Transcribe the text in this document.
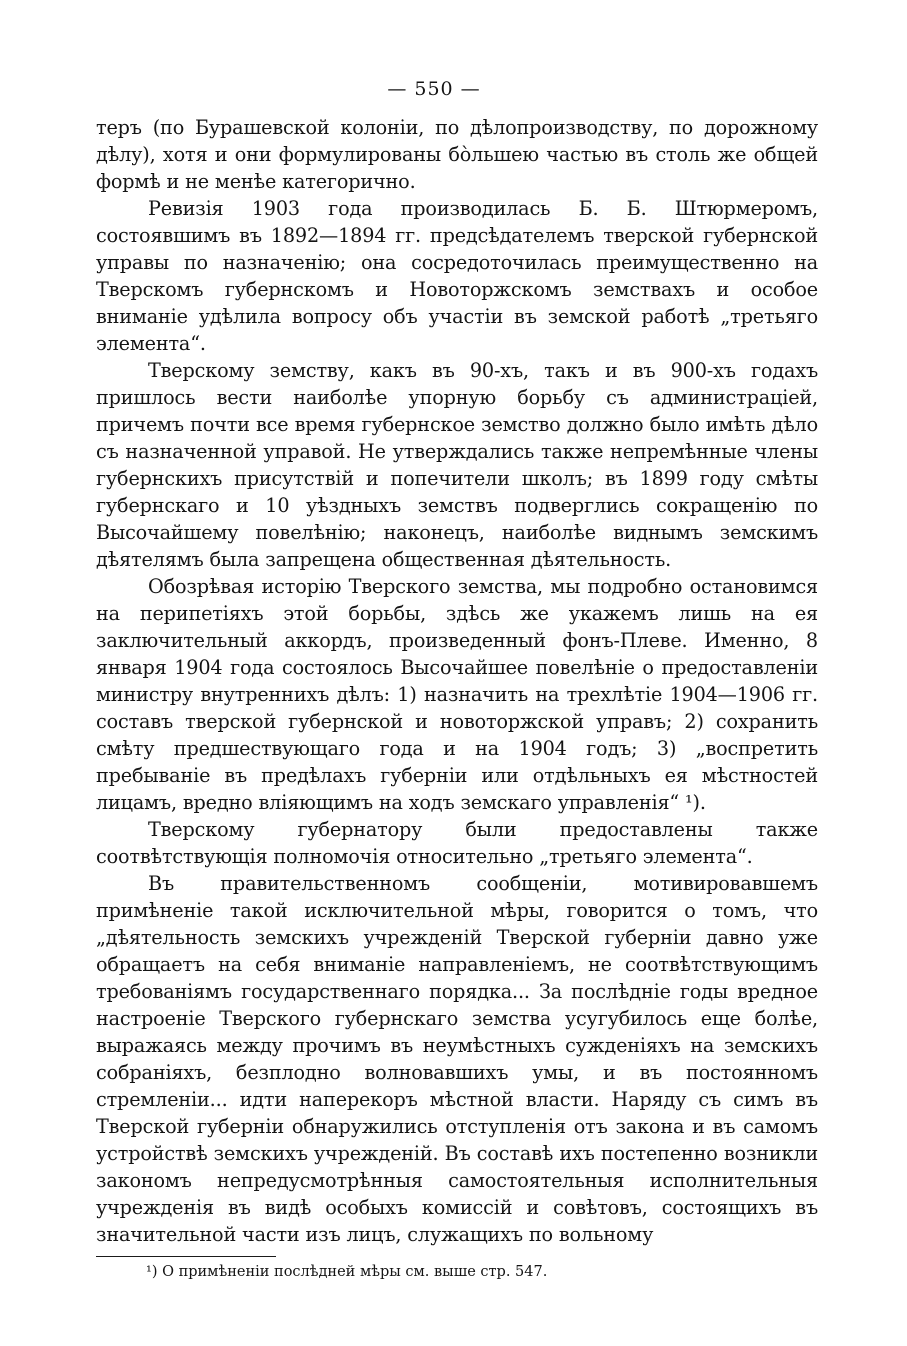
— 550 —

теръ (по Бурашевской колоніи, по дѣлопроизводству, по дорожному дѣлу), хотя и они формулированы бо̀льшею частью въ столь же общей формѣ и не менѣе категорично.

Ревизія 1903 года производилась Б. Б. Штюрмеромъ, состоявшимъ въ 1892—1894 гг. предсѣдателемъ тверской губернской управы по назначенію; она сосредоточилась преимущественно на Тверскомъ губернскомъ и Новоторжскомъ земствахъ и особое вниманіе удѣлила вопросу объ участіи въ земской работѣ „третьяго элемента“.

Тверскому земству, какъ въ 90-хъ, такъ и въ 900-хъ годахъ пришлось вести наиболѣе упорную борьбу съ администраціей, причемъ почти все время губернское земство должно было имѣть дѣло съ назначенной управой. Не утверждались также непремѣнные члены губернскихъ присутствій и попечители школъ; въ 1899 году смѣты губернскаго и 10 уѣздныхъ земствъ подверглись сокращенію по Высочайшему повелѣнію; наконецъ, наиболѣе виднымъ земскимъ дѣятелямъ была запрещена общественная дѣятельность.

Обозрѣвая исторію Тверского земства, мы подробно остановимся на перипетіяхъ этой борьбы, здѣсь же укажемъ лишь на ея заключительный аккордъ, произведенный фонъ-Плеве. Именно, 8 января 1904 года состоялось Высочайшее повелѣніе о предоставленіи министру внутреннихъ дѣлъ: 1) назначить на трехлѣтіе 1904—1906 гг. составъ тверской губернской и новоторжской управъ; 2) сохранить смѣту предшествующаго года и на 1904 годъ; 3) „воспретить пребываніе въ предѣлахъ губерніи или отдѣльныхъ ея мѣстностей лицамъ, вредно вліяющимъ на ходъ земскаго управленія“ ¹).

Тверскому губернатору были предоставлены также соотвѣтствующія полномочія относительно „третьяго элемента“.

Въ правительственномъ сообщеніи, мотивировавшемъ примѣненіе такой исключительной мѣры, говорится о томъ, что „дѣятельность земскихъ учрежденій Тверской губерніи давно уже обращаетъ на себя вниманіе направленіемъ, не соотвѣтствующимъ требованіямъ государственнаго порядка... За послѣдніе годы вредное настроеніе Тверского губернскаго земства усугубилось еще болѣе, выражаясь между прочимъ въ неумѣстныхъ сужденіяхъ на земскихъ собраніяхъ, безплодно волновавшихъ умы, и въ постоянномъ стремленіи... идти наперекоръ мѣстной власти. Наряду съ симъ въ Тверской губерніи обнаружились отступленія отъ закона и въ самомъ устройствѣ земскихъ учрежденій. Въ составѣ ихъ постепенно возникли закономъ непредусмотрѣнныя самостоятельныя исполнительныя учрежденія въ видѣ особыхъ комиссій и совѣтовъ, состоящихъ въ значительной части изъ лицъ, служащихъ по вольному

¹) О примѣненіи послѣдней мѣры см. выше стр. 547.
